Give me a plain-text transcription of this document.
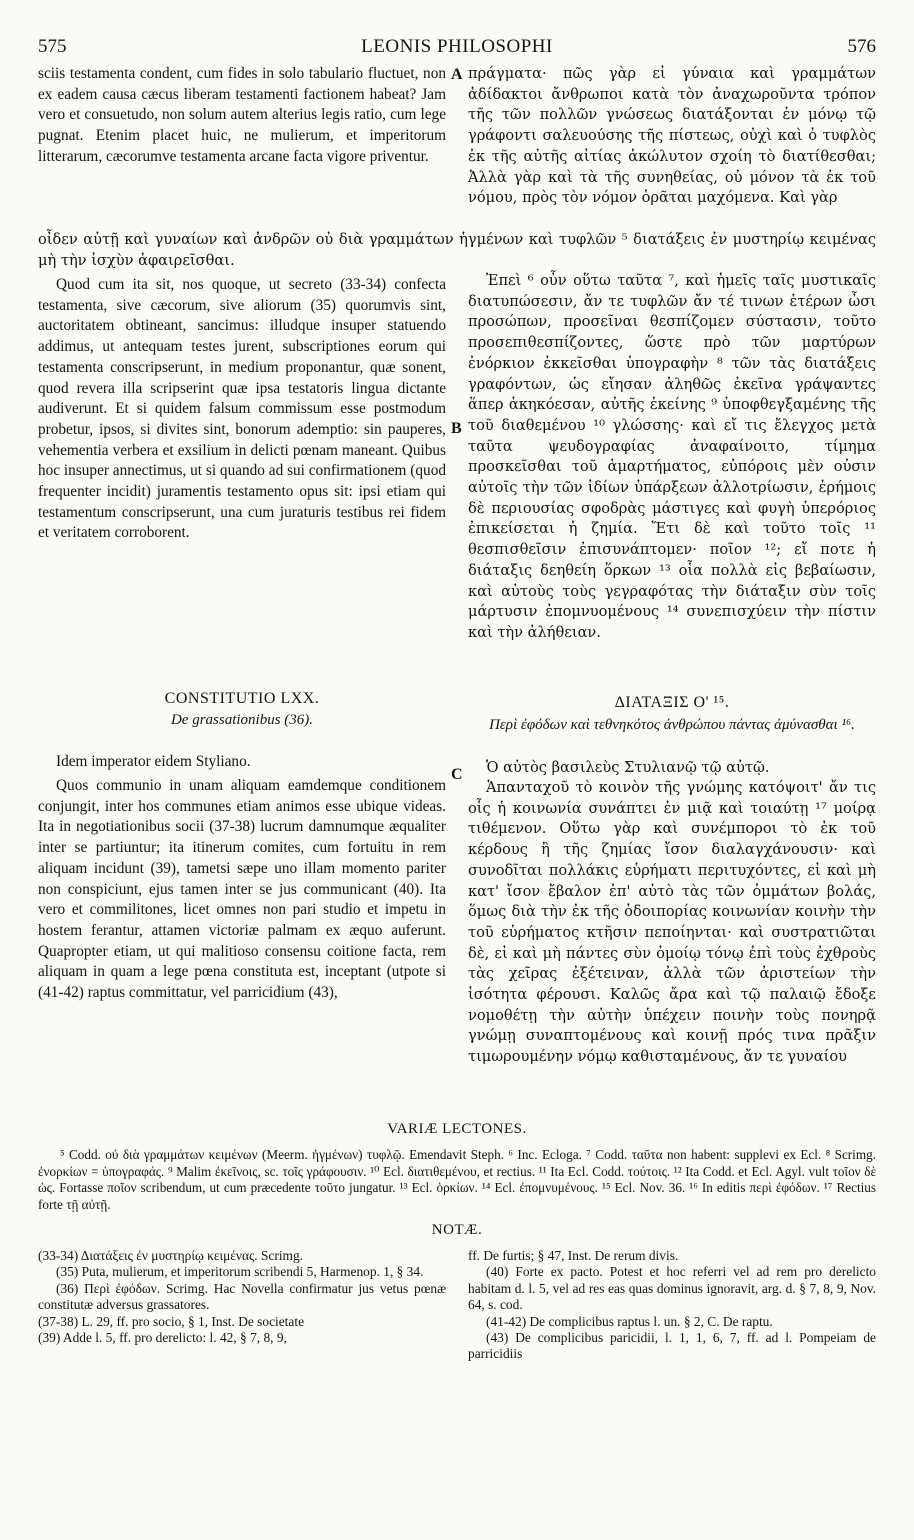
575	LEONIS PHILOSOPHI	576

sciis testamenta condent, cum fides in solo tabulario fluctuet, non ex eadem causa cæcus liberam testamenti factionem habeat? Jam vero et consuetudo, non solum autem alterius legis ratio, cum lege pugnat. Etenim placet huic, ne mulierum, et imperitorum litterarum, cæcorumve testamenta arcane facta vigore priventur.

A πράγματα· πῶς γὰρ εἰ γύναια καὶ γραμμάτων ἀδίδακτοι ἄνθρωποι κατὰ τὸν ἀναχωροῦντα τρόπον τῆς τῶν πολλῶν γνώσεως διατάξονται ἐν μόνῳ τῷ γράφοντι σαλευούσης τῆς πίστεως, οὐχὶ καὶ ὁ τυφλὸς ἐκ τῆς αὐτῆς αἰτίας ἀκώλυτον σχοίη τὸ διατίθεσθαι; Ἀλλὰ γὰρ καὶ τὰ τῆς συνηθείας, οὐ μόνον τὰ ἐκ τοῦ νόμου, πρὸς τὸν νόμον ὁρᾶται μαχόμενα. Καὶ γὰρ

οἶδεν αὐτῇ καὶ γυναίων καὶ ἀνδρῶν οὐ διὰ γραμμάτων ἡγμένων καὶ τυφλῶν ⁵ διατάξεις ἐν μυστηρίῳ κειμένας μὴ τὴν ἰσχὺν ἀφαιρεῖσθαι.

Quod cum ita sit, nos quoque, ut secreto (33-34) confecta testamenta, sive cæcorum, sive aliorum (35) quorumvis sint, auctoritatem obtineant, sancimus: illudque insuper statuendo addimus, ut antequam testes jurent, subscriptiones eorum qui testamenta conscripserunt, in medium proponantur, quæ sonent, quod revera illa scripserint quæ ipsa testatoris lingua dictante audiverunt. Et si quidem falsum commissum esse postmodum probetur, ipsos, si divites sint, bonorum ademptio: sin pauperes, vehementia verbera et exsilium in delicti pœnam maneant. Quibus hoc insuper annectimus, ut si quando ad sui confirmationem (quod frequenter incidit) juramentis testamento opus sit: ipsi etiam qui testamentum conscripserunt, una cum juraturis testibus rei fidem et veritatem corroborent.

B

Ἐπεὶ ⁶ οὖν οὕτω ταῦτα ⁷, καὶ ἡμεῖς ταῖς μυστικαῖς διατυπώσεσιν, ἄν τε τυφλῶν ἄν τέ τινων ἑτέρων ὦσι προσώπων, προσεῖναι θεσπίζομεν σύστασιν, τοῦτο προσεπιθεσπίζοντες, ὥστε πρὸ τῶν μαρτύρων ἐνόρκιον ἐκκεῖσθαι ὑπογραφὴν ⁸ τῶν τὰς διατάξεις γραφόντων, ὡς εἴησαν ἀληθῶς ἐκεῖνα γράψαντες ἅπερ ἀκηκόεσαν, αὐτῆς ἐκείνης ⁹ ὑποφθεγξαμένης τῆς τοῦ διαθεμένου ¹⁰ γλώσσης· καὶ εἴ τις ἔλεγχος μετὰ ταῦτα ψευδογραφίας ἀναφαίνοιτο, τίμημα προσκεῖσθαι τοῦ ἁμαρτήματος, εὐπόροις μὲν οὐσιν αὐτοῖς τὴν τῶν ἰδίων ὑπάρξεων ἀλλοτρίωσιν, ἐρήμοις δὲ περιουσίας σφοδρὰς μάστιγες καὶ φυγὴ ὑπερόριος ἐπικείσεται ἡ ζημία. Ἔτι δὲ καὶ τοῦτο τοῖς ¹¹ θεσπισθεῖσιν ἐπισυνάπτομεν· ποῖον ¹²; εἴ ποτε ἡ διάταξις δεηθείη ὅρκων ¹³ οἷα πολλὰ εἰς βεβαίωσιν, καὶ αὐτοὺς τοὺς γεγραφότας τὴν διάταξιν σὺν τοῖς μάρτυσιν ἐπομνυομένους ¹⁴ συνεπισχύειν τὴν πίστιν καὶ τὴν ἀλήθειαν.

CONSTITUTIO LXX.
De grassationibus (36).
ΔΙΑΤΑΞΙΣ Ο' ¹⁵.
Περὶ ἐφόδων καὶ τεθνηκότος ἀνθρώπου πάντας ἀμύνασθαι ¹⁶.

Idem imperator eidem Styliano.

C	Ὁ αὐτὸς βασιλεὺς Στυλιανῷ τῷ αὐτῷ.

Quos communio in unam aliquam eamdemque conditionem conjungit, inter hos communes etiam animos esse ubique videas. Ita in negotiationibus socii (37-38) lucrum damnumque æqualiter inter se partiuntur; ita itinerum comites, cum fortuitu in rem aliquam incidunt (39), tametsi sæpe uno illam momento pariter non conspiciunt, ejus tamen inter se jus communicant (40). Ita vero et commilitones, licet omnes non pari studio et impetu in hostem ferantur, attamen victoriæ palmam ex æquo auferunt. Quapropter etiam, ut qui malitioso consensu coitione facta, rem aliquam in quam a lege pœna constituta est, inceptant (utpote si (41-42) raptus committatur, vel parricidium (43),

Ἁπανταχοῦ τὸ κοινὸν τῆς γνώμης κατόψοιτ' ἄν τις οἷς ἡ κοινωνία συνάπτει ἐν μιᾷ καὶ τοιαύτῃ ¹⁷ μοίρᾳ τιθέμενον. Οὕτω γὰρ καὶ συνέμποροι τὸ ἐκ τοῦ κέρδους ἢ τῆς ζημίας ἴσον διαλαγχάνουσιν· καὶ συνοδῖται πολλάκις εὑρήματι περιτυχόντες, εἰ καὶ μὴ κατ' ἴσον ἔβαλον ἐπ' αὐτὸ τὰς τῶν ὀμμάτων βολάς, ὅμως διὰ τὴν ἐκ τῆς ὁδοιπορίας κοινωνίαν κοινὴν τὴν τοῦ εὑρήματος κτῆσιν πεποίηνται· καὶ συστρατιῶται δὲ, εἰ καὶ μὴ πάντες σὺν ὁμοίῳ τόνῳ ἐπὶ τοὺς ἐχθροὺς τὰς χεῖρας ἐξέτειναν, ἀλλὰ τῶν ἀριστείων τὴν ἰσότητα φέρουσι. Καλῶς ἄρα καὶ τῷ παλαιῷ ἔδοξε νομοθέτῃ τὴν αὐτὴν ὑπέχειν ποινὴν τοὺς πονηρᾷ γνώμῃ συναπτομένους καὶ κοινῇ πρός τινα πρᾶξιν τιμωρουμένην νόμῳ καθισταμένους, ἄν τε γυναίου

VARIÆ LECTONES.

⁵ Codd. οὐ διὰ γραμμάτων κειμένων (Meerm. ἡγμένων) τυφλῷ. Emendavit Steph. ⁶ Inc. Ecloga. ⁷ Codd. ταῦτα non habent: supplevi ex Ecl. ⁸ Scrimg. ἐνορκίων = ὑπογραφάς. ⁹ Malim ἐκεῖνοις, sc. τοῖς γράφουσιν. ¹⁰ Ecl. διατιθεμένου, et rectius. ¹¹ Ita Ecl. Codd. τούτοις. ¹² Ita Codd. et Ecl. Agyl. vult τοῖον δὲ ὡς. Fortasse ποῖον scribendum, ut cum præcedente τοῦτο jungatur. ¹³ Ecl. ὁρκίων. ¹⁴ Ecl. ἐπομνυμένους. ¹⁵ Ecl. Nov. 36. ¹⁶ In editis περὶ ἐφόδων. ¹⁷ Rectius forte τῇ αὐτῇ.

NOTÆ.

(33-34) Διατάξεις ἐν μυστηρίῳ κειμένας. Scrimg.

(35) Puta, mulierum, et imperitorum scribendi 5, Harmenop. 1, § 34.

(36) Περὶ ἐφόδων. Scrimg. Hac Novella confirmatur jus vetus pœnæ constitutæ adversus grassatores.

(37-38) L. 29, ff. pro socio, § 1, Inst. De societate

(39) Adde l. 5, ff. pro derelicto: l. 42, § 7, 8, 9,

ff. De furtis; § 47, Inst. De rerum divis.

(40) Forte ex pacto. Potest et hoc referri vel ad rem pro derelicto habitam d. l. 5, vel ad res eas quas dominus ignoravit, arg. d. § 7, 8, 9, Nov. 64, s. cod.

(41-42) De complicibus raptus l. un. § 2, C. De raptu.

(43) De complicibus paricidii, l. 1, 1, 6, 7, ff. ad l. Pompeiam de parricidiis
